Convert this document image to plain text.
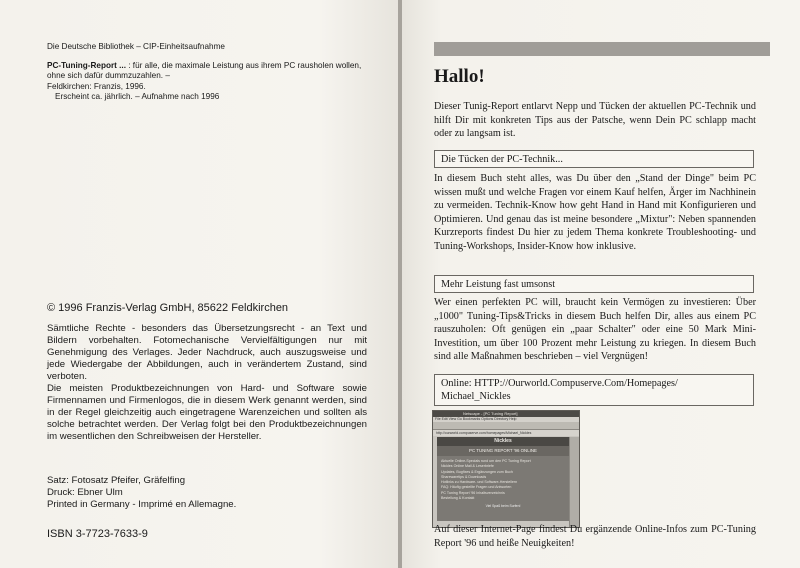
Die Deutsche Bibliothek – CIP-Einheitsaufnahme
PC-Tuning-Report ... : für alle, die maximale Leistung aus ihrem PC rausholen wollen, ohne sich dafür dummzuzahlen. –
Feldkirchen: Franzis, 1996.
Erscheint ca. jährlich. – Aufnahme nach 1996
© 1996 Franzis-Verlag GmbH, 85622 Feldkirchen

Sämtliche Rechte - besonders das Übersetzungsrecht - an Text und Bildern vorbehalten. Fotomechanische Vervielfältigungen nur mit Genehmigung des Verlages. Jeder Nachdruck, auch auszugsweise und jede Wiedergabe der Abbildungen, auch in verändertem Zustand, sind verboten.

Die meisten Produktbezeichnungen von Hard- und Software sowie Firmennamen und Firmenlogos, die in diesem Werk genannt werden, sind in der Regel gleichzeitig auch eingetragene Warenzeichen und sollten als solche betrachtet werden. Der Verlag folgt bei den Produktbezeichnungen im wesentlichen den Schreibweisen der Hersteller.

Satz: Fotosatz Pfeifer, Gräfelfing
Druck: Ebner Ulm
Printed in Germany - Imprimé en Allemagne.
ISBN 3-7723-7633-9
Hallo!

Dieser Tunig-Report entlarvt Nepp und Tücken der aktuellen PC-Technik und hilft Dir mit konkreten Tips aus der Patsche, wenn Dein PC schlapp macht oder zu langsam ist.

Die Tücken der PC-Technik...

In diesem Buch steht alles, was Du über den „Stand der Dinge" beim PC wissen mußt und welche Fragen vor einem Kauf helfen, Ärger im Nachhinein zu vermeiden. Technik-Know how geht Hand in Hand mit Konfigurieren und Optimieren. Und genau das ist meine besondere „Mixtur": Neben spannenden Kurzreports findest Du hier zu jedem Thema konkrete Troubleshooting- und Tuning-Workshops, Insider-Know how inklusive.

Mehr Leistung fast umsonst

Wer einen perfekten PC will, braucht kein Vermögen zu investieren: Über „1000" Tuning-Tips&Tricks in diesem Buch helfen Dir, alles aus einem PC rauszuholen: Oft genügen ein „paar Schalter" oder eine 50 Mark Mini-Investition, um über 100 Prozent mehr Leistung zu kriegen. In diesem Buch sind alle Maßnahmen beschrieben – viel Vergnügen!

Online: HTTP://Ourworld.Compuserve.Com/Homepages/ Michael_Nickles
Netscape - [PC Tuning Report]
File Edit View Go Bookmarks Options Directory Help
http://ourworld.compuserve.com/homepages/Michael_Nickles
Nickles
PC TUNING REPORT '96 ONLINE
Aktuelle Online-Specials rund um den PC Tuning Report
Nickles Online Mail & Leserbriefe
Updates, Bugfixes & Ergänzungen zum Buch
Sharewaretips & Downloads
Hotlinks zu Hardware- und Software-Herstellern
FAQ: Häufig gestellte Fragen und Antworten
PC Tuning Report '96 Inhaltsverzeichnis
Bestellung & Kontakt
Viel Spaß beim Surfen!

Auf dieser Internet-Page findest Du ergänzende Online-Infos zum PC-Tuning Report '96 und heiße Neuigkeiten!
